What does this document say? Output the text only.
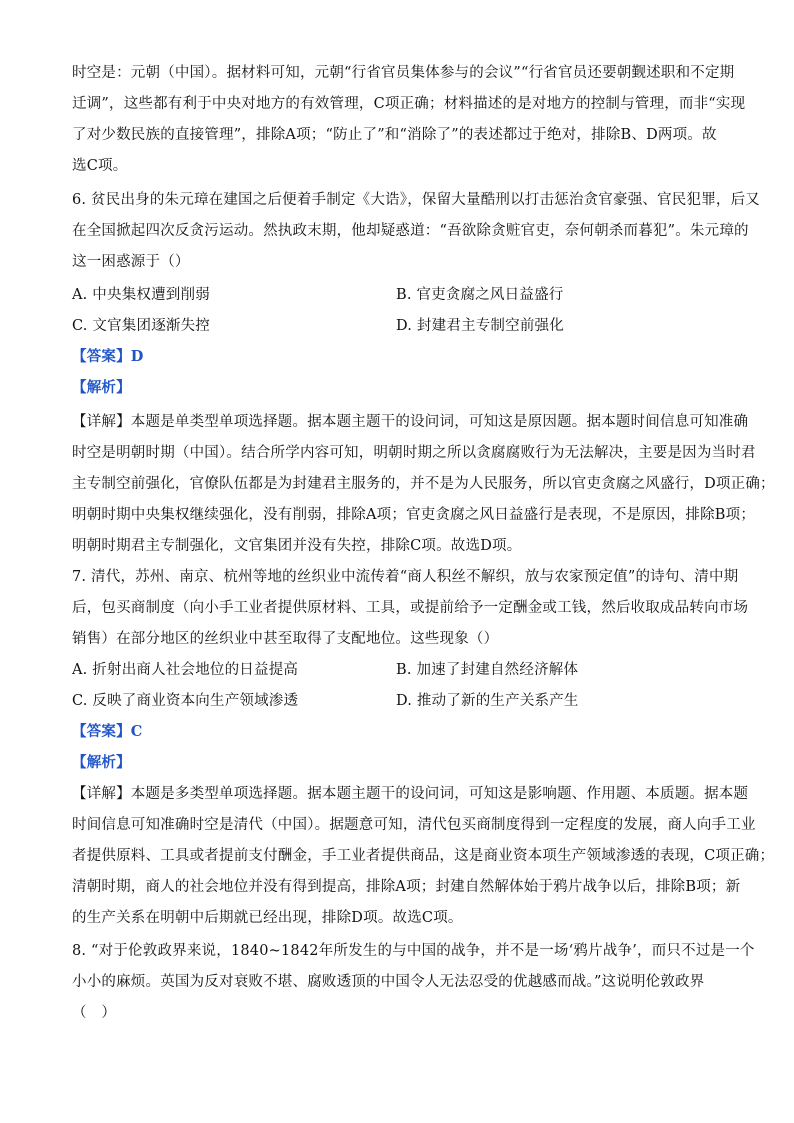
时空是：元朝（中国）。据材料可知，元朝“行省官员集体参与的会议”“行省官员还要朝觐述职和不定期
迁调”，这些都有利于中央对地方的有效管理，C项正确；材料描述的是对地方的控制与管理，而非“实现
了对少数民族的直接管理”，排除A项；“防止了”和“消除了”的表述都过于绝对，排除B、D两项。故
选C项。
6. 贫民出身的朱元璋在建国之后便着手制定《大诰》，保留大量酷刑以打击惩治贪官豪强、官民犯罪，后又
在全国掀起四次反贪污运动。然执政末期，他却疑惑道：“吾欲除贪赃官吏，奈何朝杀而暮犯”。朱元璋的
这一困惑源于（）
A. 中央集权遭到削弱	B. 官吏贪腐之风日益盛行
C. 文官集团逐渐失控	D. 封建君主专制空前强化
【答案】D
【解析】
【详解】本题是单类型单项选择题。据本题主题干的设问词，可知这是原因题。据本题时间信息可知准确
时空是明朝时期（中国）。结合所学内容可知，明朝时期之所以贪腐腐败行为无法解决，主要是因为当时君
主专制空前强化，官僚队伍都是为封建君主服务的，并不是为人民服务，所以官吏贪腐之风盛行，D项正确；
明朝时期中央集权继续强化，没有削弱，排除A项；官吏贪腐之风日益盛行是表现，不是原因，排除B项；
明朝时期君主专制强化，文官集团并没有失控，排除C项。故选D项。
7. 清代，苏州、南京、杭州等地的丝织业中流传着“商人积丝不解织，放与农家预定值”的诗句、清中期
后，包买商制度（向小手工业者提供原材料、工具，或提前给予一定酬金或工钱，然后收取成品转向市场
销售）在部分地区的丝织业中甚至取得了支配地位。这些现象（）
A. 折射出商人社会地位的日益提高	B. 加速了封建自然经济解体
C. 反映了商业资本向生产领域渗透	D. 推动了新的生产关系产生
【答案】C
【解析】
【详解】本题是多类型单项选择题。据本题主题干的设问词，可知这是影响题、作用题、本质题。据本题
时间信息可知准确时空是清代（中国）。据题意可知，清代包买商制度得到一定程度的发展，商人向手工业
者提供原料、工具或者提前支付酬金，手工业者提供商品，这是商业资本项生产领域渗透的表现，C项正确；
清朝时期，商人的社会地位并没有得到提高，排除A项；封建自然解体始于鸦片战争以后，排除B项；新
的生产关系在明朝中后期就已经出现，排除D项。故选C项。
8. “对于伦敦政界来说，1840~1842年所发生的与中国的战争，并不是一场‘鸦片战争’，而只不过是一个
小小的麻烦。英国为反对衰败不堪、腐败透顶的中国令人无法忍受的优越感而战。”这说明伦敦政界
（　）
